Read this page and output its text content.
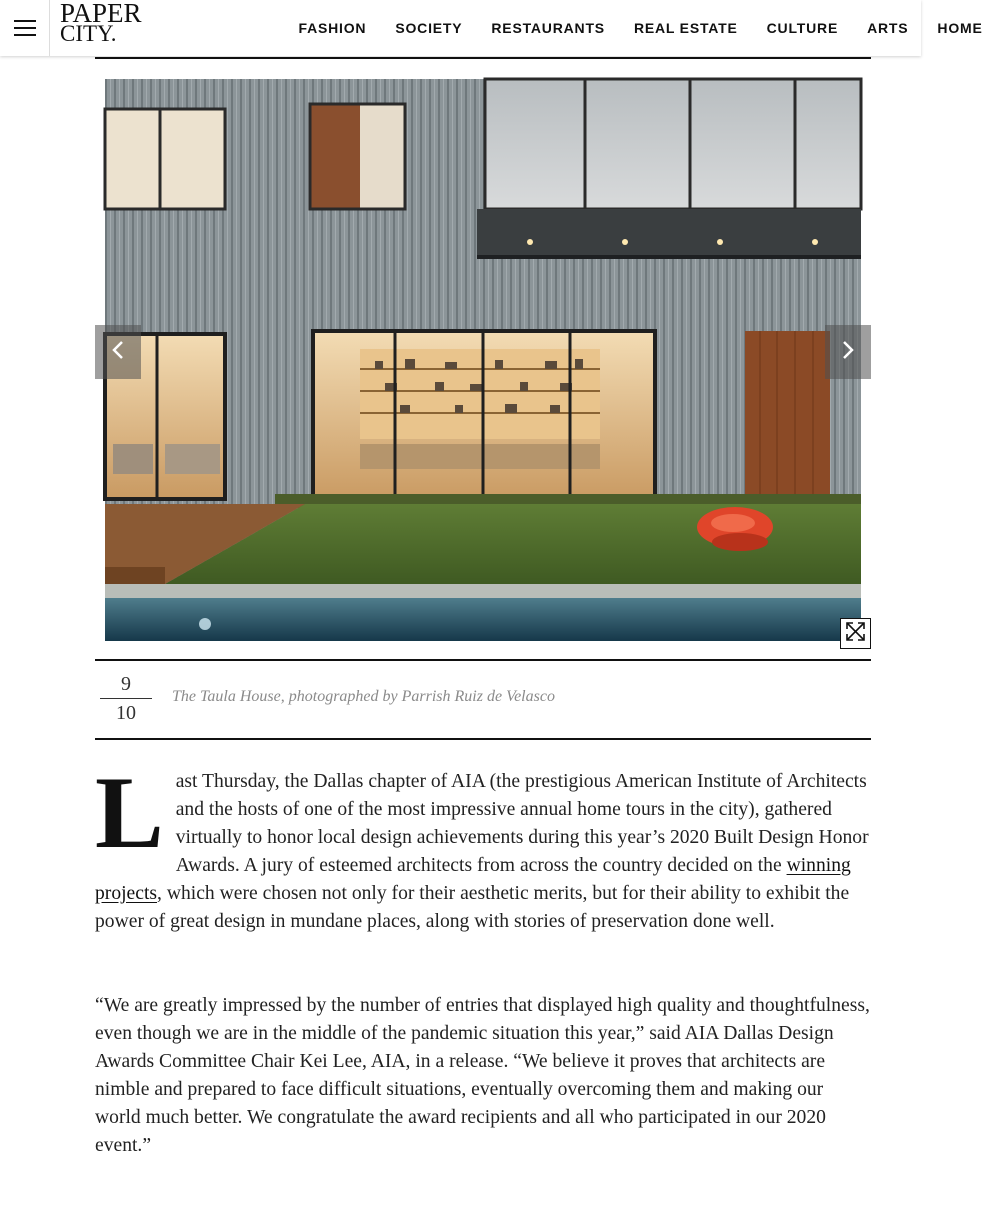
PAPER
CITY.	FASHION SOCIETY RESTAURANTS REAL ESTATE CULTURE ARTS HOME
9
10
The Taula House, photographed by Parrish Ruiz de Velasco

Last Thursday, the Dallas chapter of AIA (the prestigious American Institute of Architects and the hosts of one of the most impressive annual home tours in the city), gathered virtually to honor local design achievements during this year’s 2020 Built Design Honor Awards. A jury of esteemed architects from across the country decided on the winning projects, which were chosen not only for their aesthetic merits, but for their ability to exhibit the power of great design in mundane places, along with stories of preservation done well.

“We are greatly impressed by the number of entries that displayed high quality and thoughtfulness, even though we are in the middle of the pandemic situation this year,” said AIA Dallas Design Awards Committee Chair Kei Lee, AIA, in a release. “We believe it proves that architects are nimble and prepared to face difficult situations, eventually overcoming them and making our world much better. We congratulate the award recipients and all who participated in our 2020 event.”
